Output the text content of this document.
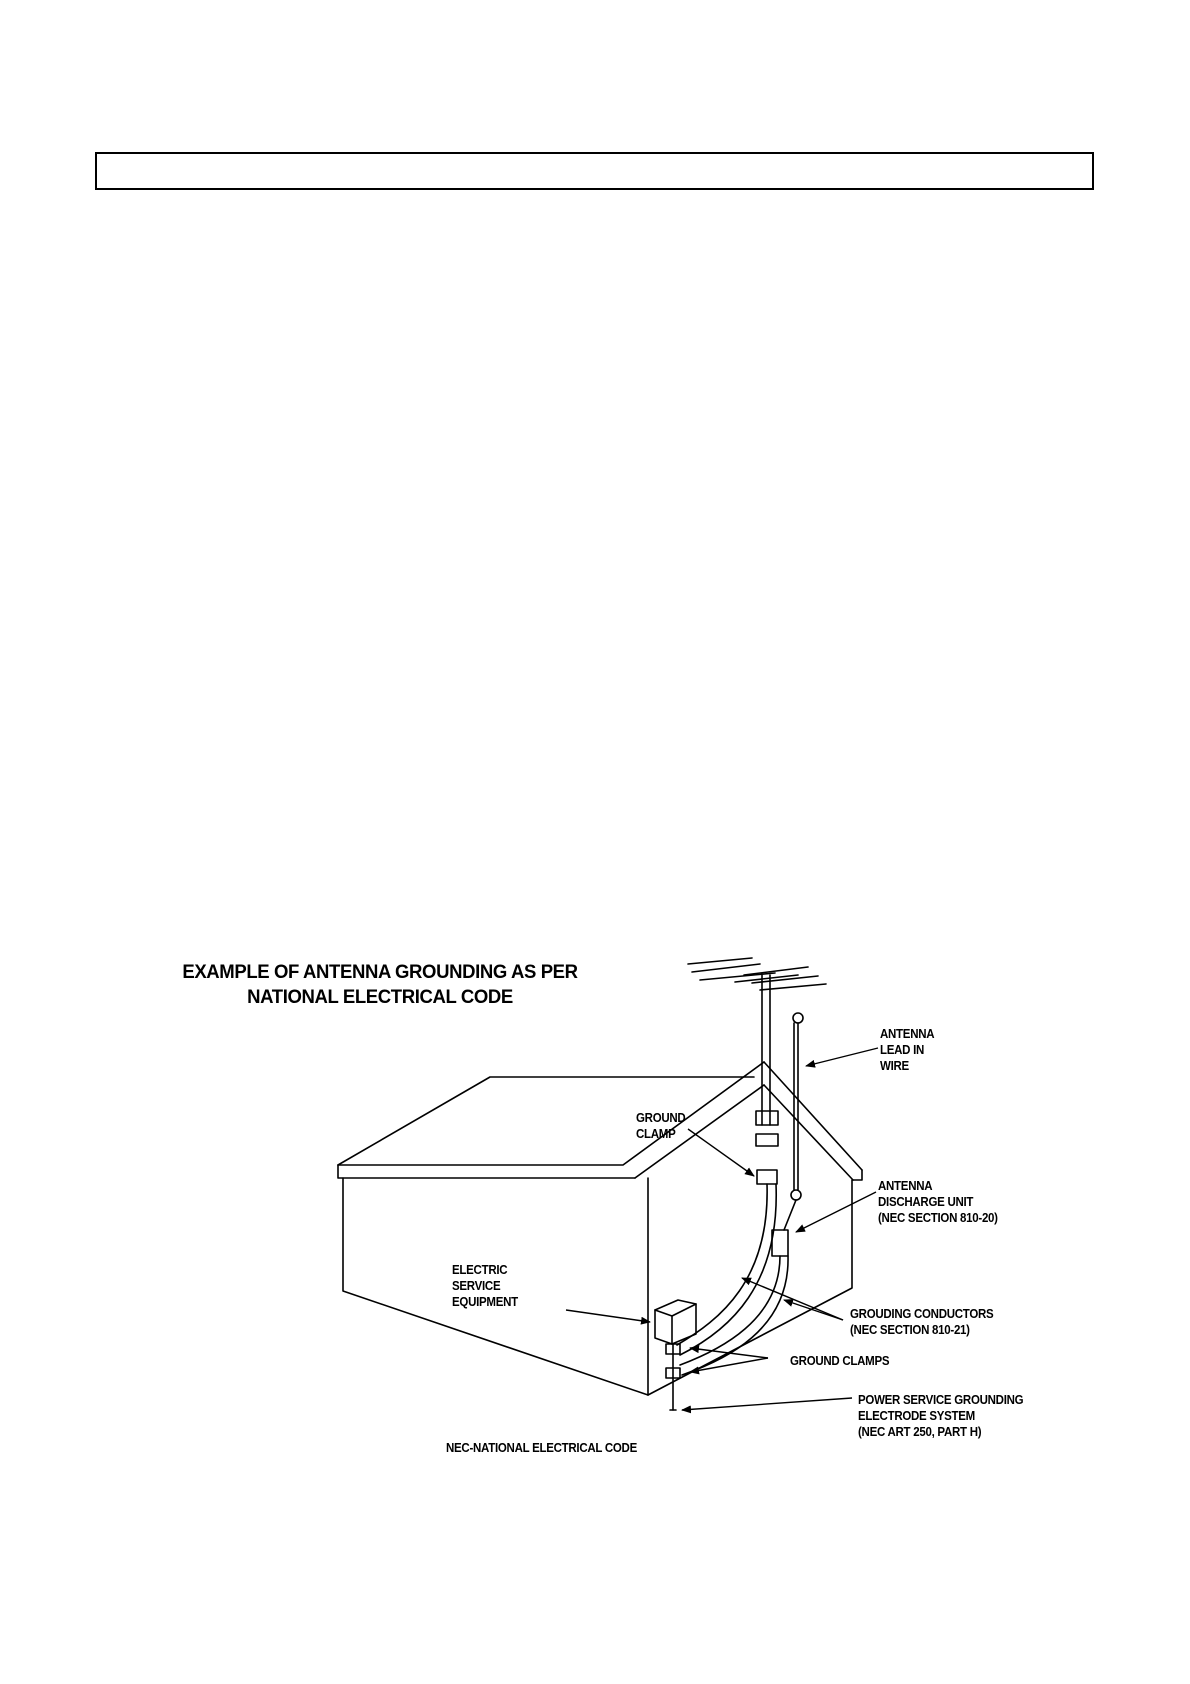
EXAMPLE OF ANTENNA GROUNDING AS PER
NATIONAL ELECTRICAL CODE
ANTENNA
LEAD IN
WIRE
GROUND
CLAMP
ANTENNA
DISCHARGE UNIT
(NEC SECTION 810-20)
ELECTRIC
SERVICE
EQUIPMENT
GROUDING CONDUCTORS
(NEC SECTION 810-21)
GROUND CLAMPS
POWER SERVICE GROUNDING
ELECTRODE SYSTEM
(NEC ART 250, PART H)
NEC-NATIONAL ELECTRICAL CODE
